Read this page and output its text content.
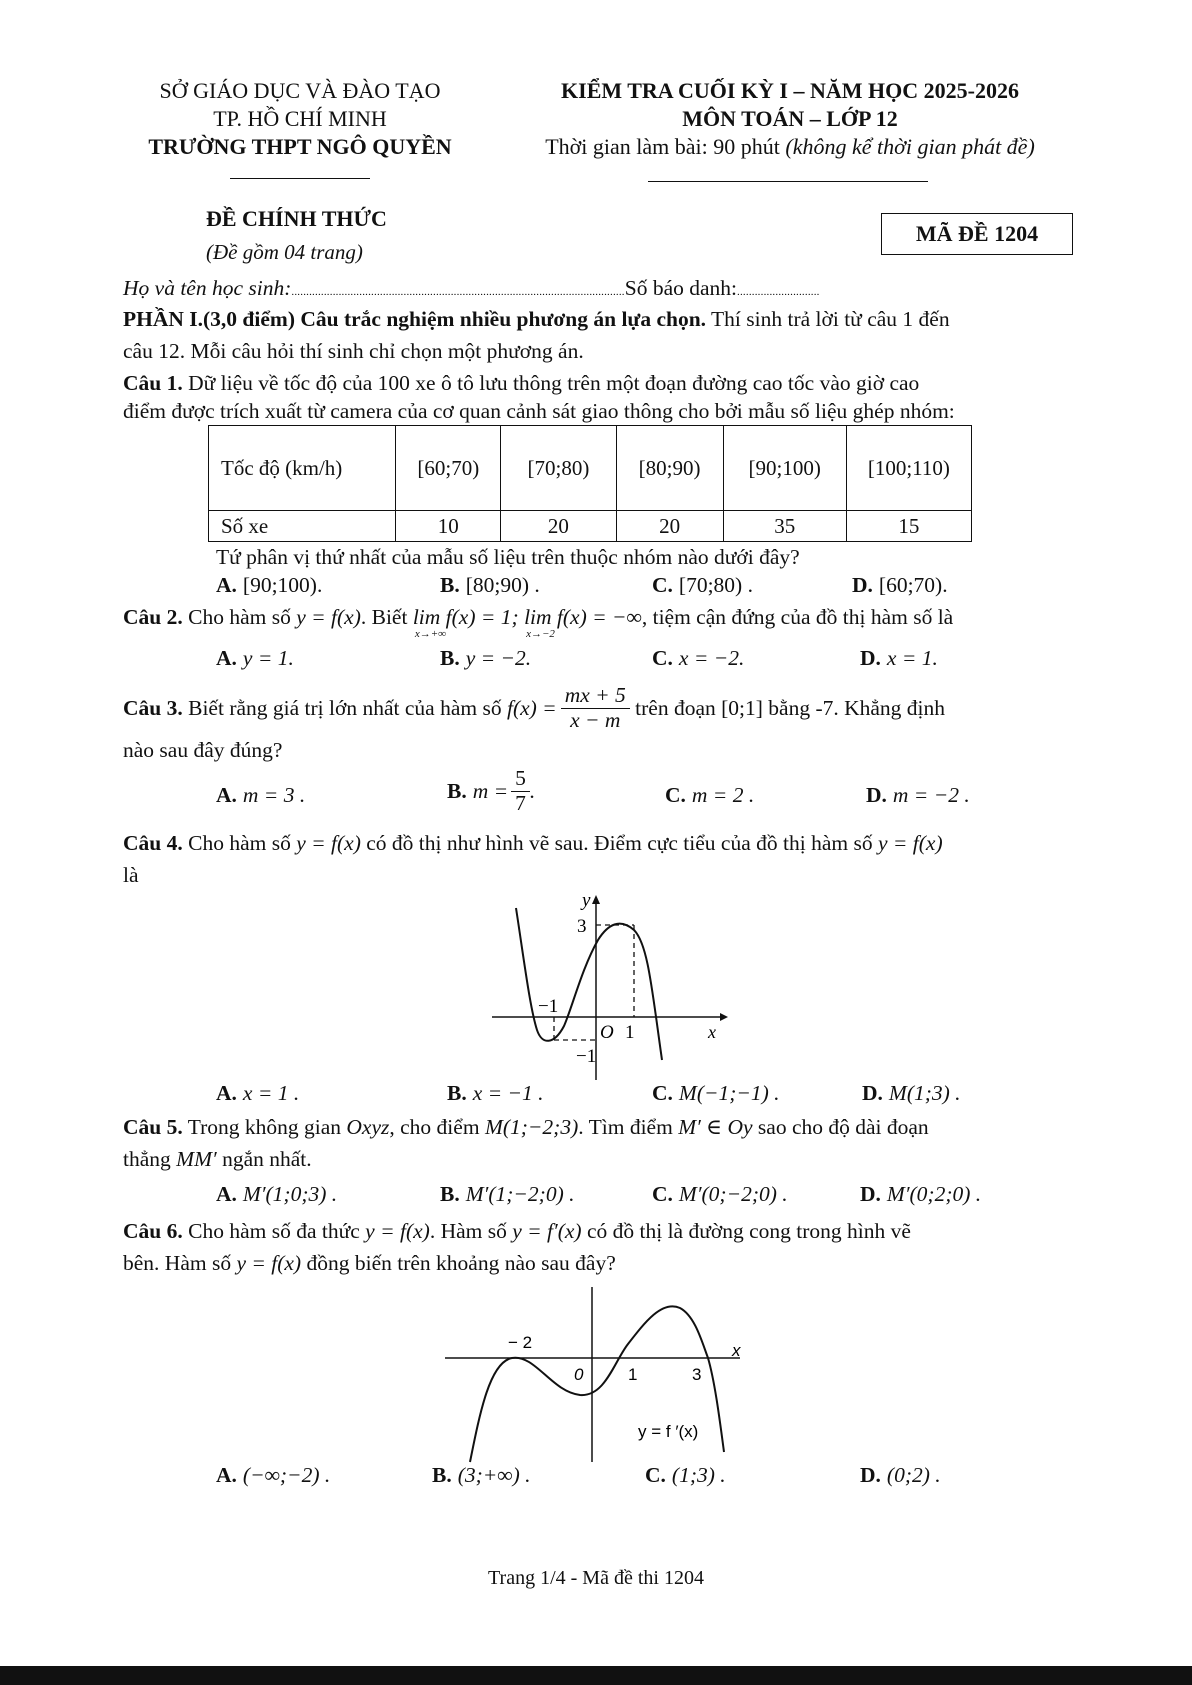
SỞ GIÁO DỤC VÀ ĐÀO TẠO
TP. HỒ CHÍ MINH
TRƯỜNG THPT NGÔ QUYỀN
KIỂM TRA CUỐI KỲ I – NĂM HỌC 2025-2026
MÔN TOÁN – LỚP 12
Thời gian làm bài: 90 phút (không kể thời gian phát đề)
ĐỀ CHÍNH THỨC
(Đề gồm 04 trang)
MÃ ĐỀ 1204
Họ và tên học sinh:.................................................................................................................Số báo danh:............................
PHẦN I.(3,0 điểm) Câu trắc nghiệm nhiều phương án lựa chọn. Thí sinh trả lời từ câu 1 đến
câu 12. Mỗi câu hỏi thí sinh chỉ chọn một phương án.
Câu 1. Dữ liệu về tốc độ của 100 xe ô tô lưu thông trên một đoạn đường cao tốc vào giờ cao
điểm được trích xuất từ camera của cơ quan cảnh sát giao thông cho bởi mẫu số liệu ghép nhóm:
Tốc độ (km/h)	[60;70)	[70;80)	[80;90)	[90;100)	[100;110)
Số xe	10	20	20	35	15
Tứ phân vị thứ nhất của mẫu số liệu trên thuộc nhóm nào dưới đây?
A. [90;100).	B. [80;90) .	C. [70;80) .	D. [60;70).
Câu 2. Cho hàm số y = f(x). Biết lim f(x) = 1;
x→+∞
lim f(x) = −∞
x→−2
, tiệm cận đứng của đồ thị hàm số là
A. y = 1.	B. y = −2.	C. x = −2.	D. x = 1.
Câu 3. Biết rằng giá trị lớn nhất của hàm số $f(x) = \frac{mx + 5}{x - m}$ trên đoạn [0;1] bằng -7. Khẳng định
nào sau đây đúng?
A. m = 3 .	B. $m = \frac{5}{7}$ .	C. m = 2 .	D. m = −2 .
Câu 4. Cho hàm số y = f(x) có đồ thị như hình vẽ sau. Điểm cực tiểu của đồ thị hàm số y = f(x)
là
y
x
O 1
−1
3
−1
A. x = 1 .	B. x = −1 .	C. M(−1;−1) .	D. M(1;3) .
Câu 5. Trong không gian Oxyz, cho điểm M(1;−2;3). Tìm điểm M′ ∈ Oy sao cho độ dài đoạn
thẳng MM′ ngắn nhất.
A. M′(1;0;3) .	B. M′(1;−2;0) .	C. M′(0;−2;0) .	D. M′(0;2;0) .
Câu 6. Cho hàm số đa thức y = f(x). Hàm số y = f′(x) có đồ thị là đường cong trong hình vẽ
bên. Hàm số y = f(x) đồng biến trên khoảng nào sau đây?
− 2
0	1	3
x
y = f ′(x)
A. (−∞;−2) .	B. (3;+∞) .	C. (1;3) .	D. (0;2) .
Trang 1/4 - Mã đề thi 1204
